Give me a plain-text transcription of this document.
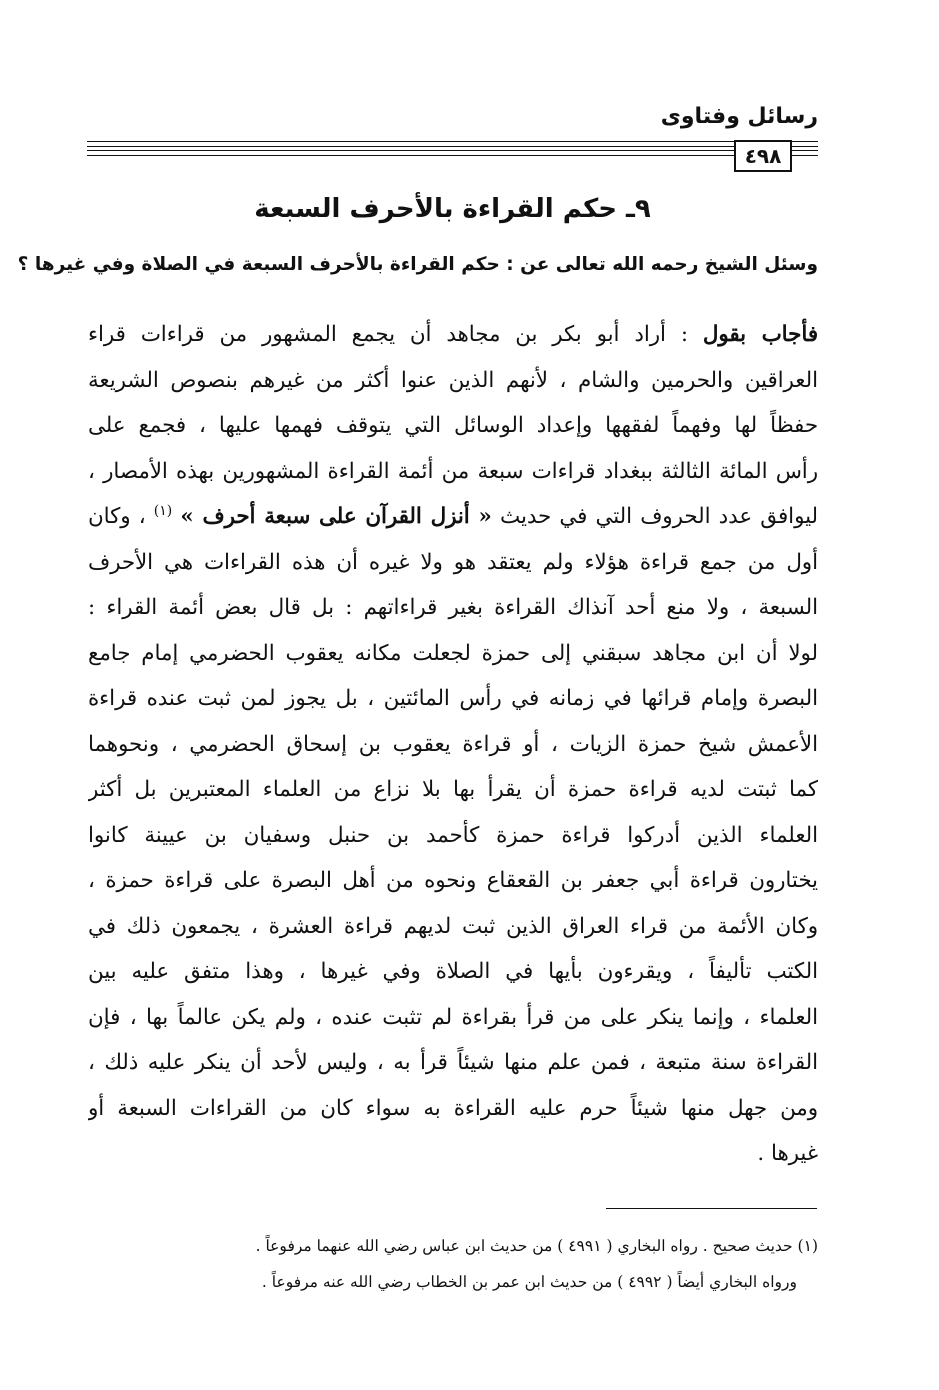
رسائل وفتاوى
٤٩٨
٩ـ حكم القراءة بالأحرف السبعة
وسئل الشيخ رحمه الله تعالى عن : حكم القراءة بالأحرف السبعة في الصلاة وفي غيرها ؟
فأجاب بقول : أراد أبو بكر بن مجاهد أن يجمع المشهور من قراءات قراء
العراقين والحرمين والشام ، لأنهم الذين عنوا أكثر من غيرهم بنصوص الشريعة
حفظاً لها وفهماً لفقهها وإعداد الوسائل التي يتوقف فهمها عليها ، فجمع على
رأس المائة الثالثة ببغداد قراءات سبعة من أئمة القراءة المشهورين بهذه الأمصار ،
ليوافق عدد الحروف التي في حديث « أنزل القرآن على سبعة أحرف » $^{(١)}$ ، وكان
أول من جمع قراءة هؤلاء ولم يعتقد هو ولا غيره أن هذه القراءات هي الأحرف
السبعة ، ولا منع أحد آنذاك القراءة بغير قراءاتهم : بل قال بعض أئمة القراء :
لولا أن ابن مجاهد سبقني إلى حمزة لجعلت مكانه يعقوب الحضرمي إمام جامع
البصرة وإمام قرائها في زمانه في رأس المائتين ، بل يجوز لمن ثبت عنده قراءة
الأعمش شيخ حمزة الزيات ، أو قراءة يعقوب بن إسحاق الحضرمي ، ونحوهما
كما ثبتت لديه قراءة حمزة أن يقرأ بها بلا نزاع من العلماء المعتبرين بل أكثر
العلماء الذين أدركوا قراءة حمزة كأحمد بن حنبل وسفيان بن عيينة كانوا
يختارون قراءة أبي جعفر بن القعقاع ونحوه من أهل البصرة على قراءة حمزة ،
وكان الأئمة من قراء العراق الذين ثبت لديهم قراءة العشرة ، يجمعون ذلك في
الكتب تأليفاً ، ويقرءون بأيها في الصلاة وفي غيرها ، وهذا متفق عليه بين
العلماء ، وإنما ينكر على من قرأ بقراءة لم تثبت عنده ، ولم يكن عالماً بها ، فإن
القراءة سنة متبعة ، فمن علم منها شيئاً قرأ به ، وليس لأحد أن ينكر عليه ذلك ،
ومن جهل منها شيئاً حرم عليه القراءة به سواء كان من القراءات السبعة أو
غيرها .
(١) حديث صحيح . رواه البخاري ( ٤٩٩١ ) من حديث ابن عباس رضي الله عنهما مرفوعاً .
ورواه البخاري أيضاً ( ٤٩٩٢ ) من حديث ابن عمر بن الخطاب رضي الله عنه مرفوعاً .
